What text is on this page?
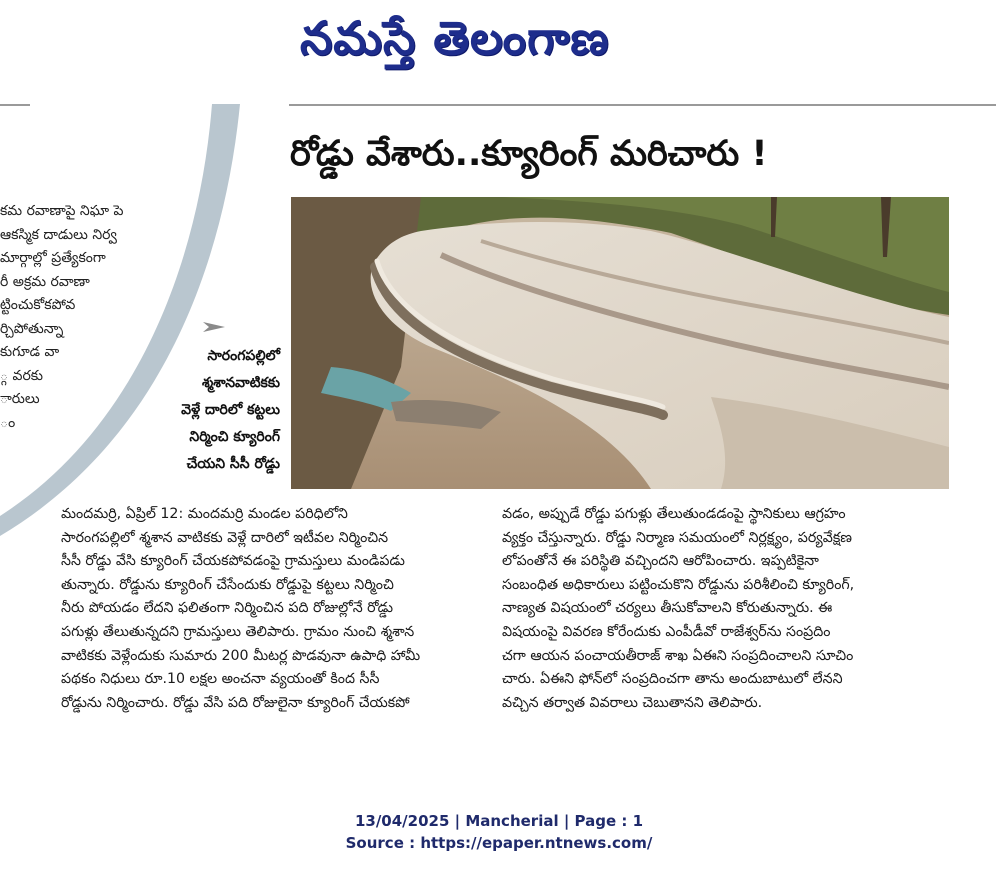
నమస్తే తెలంగాణ
కమ రవాణాపై నిఘా పె
ఆకస్మిక దాడులు నిర్వ
మార్గాల్లో ప్రత్యేకంగా
రీ అక్రమ రవాణా
ట్టించుకోకపోవ
ర్చిపోతున్నా
కుగూడ వా
్గ వరకు
ారులు
ం
రోడ్డు వేశారు..క్యూరింగ్ మరిచారు !
సారంగపల్లిలో
శ్మశానవాటికకు
వెళ్లే దారిలో కట్టలు
నిర్మించి క్యూరింగ్
చేయని సీసీ రోడ్డు
మందమర్రి, ఏప్రిల్ 12: మందమర్రి మండల పరిధిలోని
సారంగపల్లిలో శ్మశాన వాటికకు వెళ్లే దారిలో ఇటీవల నిర్మించిన
సీసీ రోడ్డు వేసి క్యూరింగ్ చేయకపోవడంపై గ్రామస్తులు మండిపడు
తున్నారు. రోడ్డును క్యూరింగ్ చేసేందుకు రోడ్డుపై కట్టలు నిర్మించి
నీరు పోయడం లేదని ఫలితంగా నిర్మించిన పది రోజుల్లోనే రోడ్డు
పగుళ్లు తేలుతున్నదని గ్రామస్తులు తెలిపారు. గ్రామం నుంచి శ్మశాన
వాటికకు వెళ్లేందుకు సుమారు 200 మీటర్ల పొడవునా ఉపాధి హామీ
పథకం నిధులు రూ.10 లక్షల అంచనా వ్యయంతో కింద సీసీ
రోడ్డును నిర్మించారు. రోడ్డు వేసి పది రోజులైనా క్యూరింగ్ చేయకపో
వడం, అప్పుడే రోడ్డు పగుళ్లు తేలుతుండడంపై స్థానికులు ఆగ్రహం
వ్యక్తం చేస్తున్నారు. రోడ్డు నిర్మాణ సమయంలో నిర్లక్ష్యం, పర్యవేక్షణ
లోపంతోనే ఈ పరిస్థితి వచ్చిందని ఆరోపించారు. ఇప్పటికైనా
సంబంధిత అధికారులు పట్టించుకొని రోడ్డును పరిశీలించి క్యూరింగ్,
నాణ్యత విషయంలో చర్యలు తీసుకోవాలని కోరుతున్నారు. ఈ
విషయంపై వివరణ కోరేందుకు ఎంపీడీవో రాజేశ్వర్‌ను సంప్రదిం
చగా ఆయన పంచాయతీరాజ్ శాఖ ఏఈని సంప్రదించాలని సూచిం
చారు. ఏఈని ఫోన్‌లో సంప్రదించగా తాను అందుబాటులో లేనని
వచ్చిన తర్వాత వివరాలు చెబుతానని తెలిపారు.
13/04/2025 | Mancherial | Page : 1
Source : https://epaper.ntnews.com/
